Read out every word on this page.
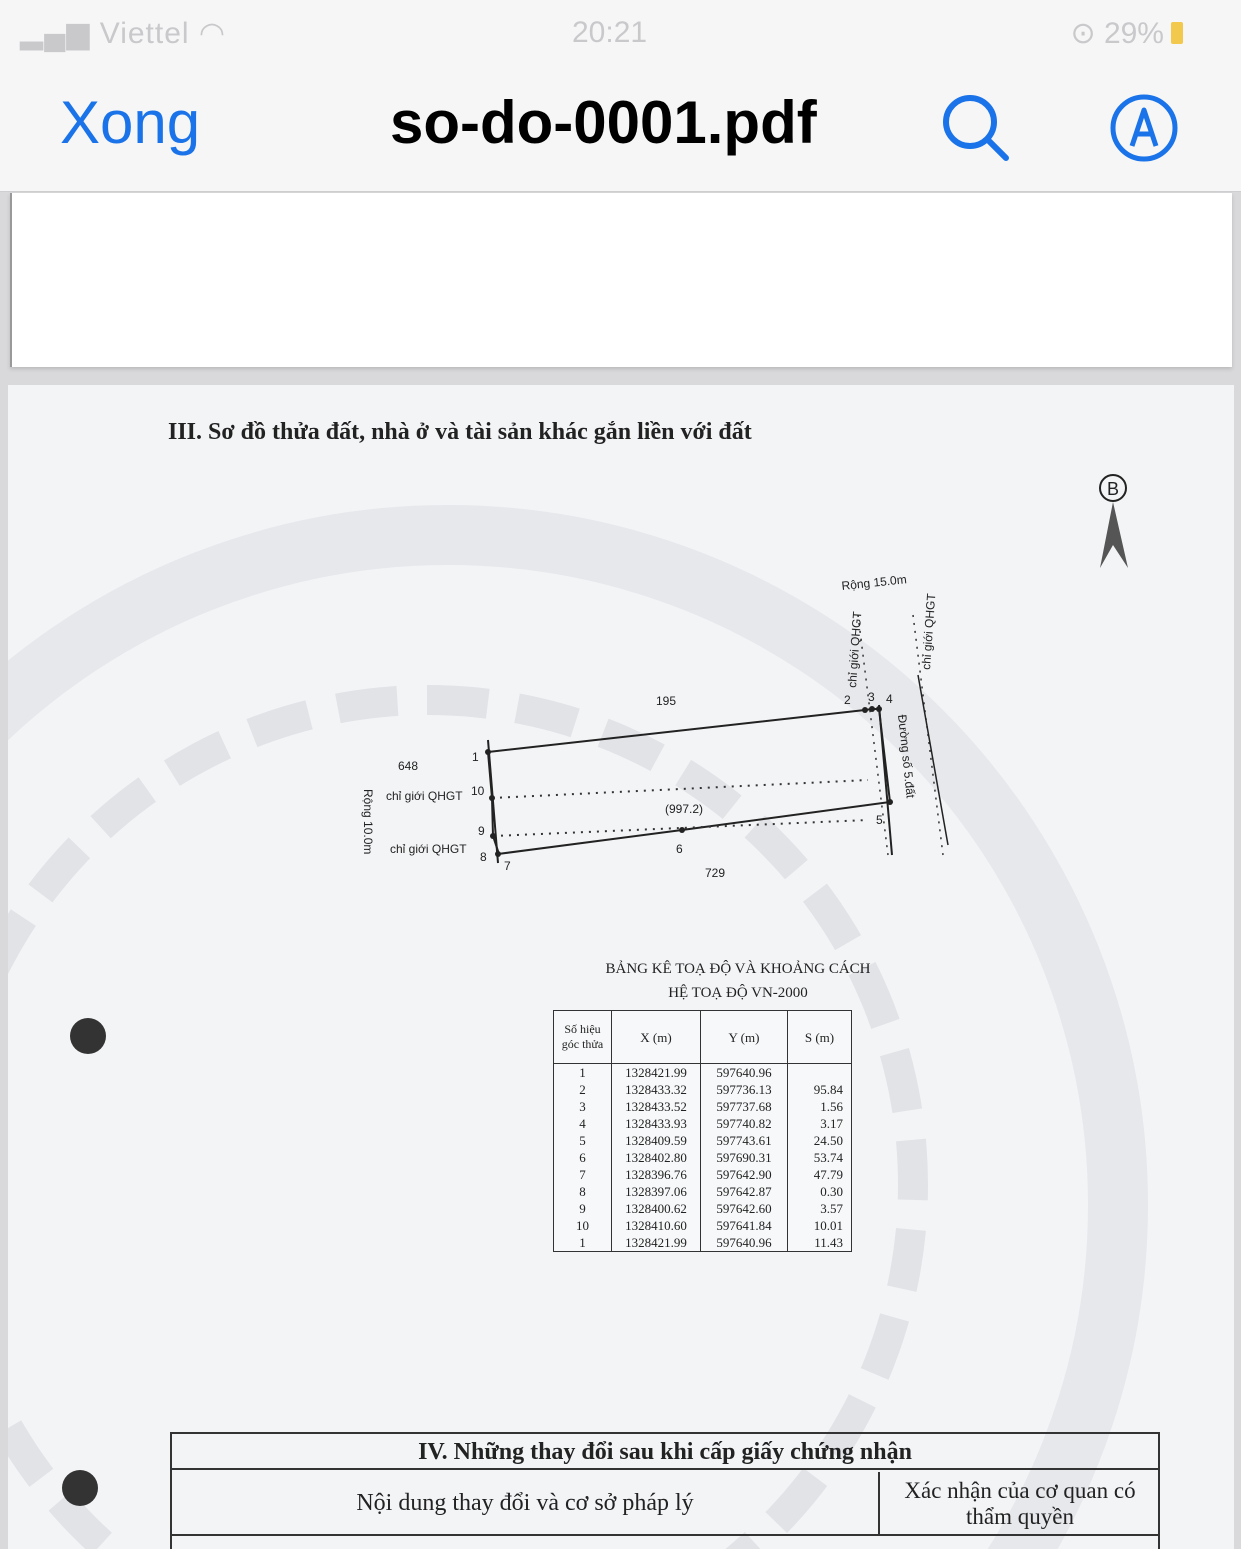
▂▄▆ Viettel ◠	20:21	⊙ 29%
Xong	so-do-0001.pdf
III. Sơ đồ thửa đất, nhà ở và tài sản khác gắn liền với đất
B
195
648
729
(997.2)
Rộng 15.0m
Rộng 10.0m
Đường số 5.đất
chỉ giới QHGT	chỉ giới QHGT
chỉ giới QHGT
chỉ giới QHGT
1
2 3 4
5
6
7
8
9
10
BẢNG KÊ TOẠ ĐỘ VÀ KHOẢNG CÁCH
HỆ TOẠ ĐỘ VN-2000
Số hiệu góc thửa	X (m)	Y (m)	S (m)
1	1328421.99	597640.96	
2	1328433.32	597736.13	95.84
3	1328433.52	597737.68	1.56
4	1328433.93	597740.82	3.17
5	1328409.59	597743.61	24.50
6	1328402.80	597690.31	53.74
7	1328396.76	597642.90	47.79
8	1328397.06	597642.87	0.30
9	1328400.62	597642.60	3.57
10	1328410.60	597641.84	10.01
1	1328421.99	597640.96	11.43
IV. Những thay đổi sau khi cấp giấy chứng nhận
Nội dung thay đổi và cơ sở pháp lý	Xác nhận của cơ quan có thẩm quyền
